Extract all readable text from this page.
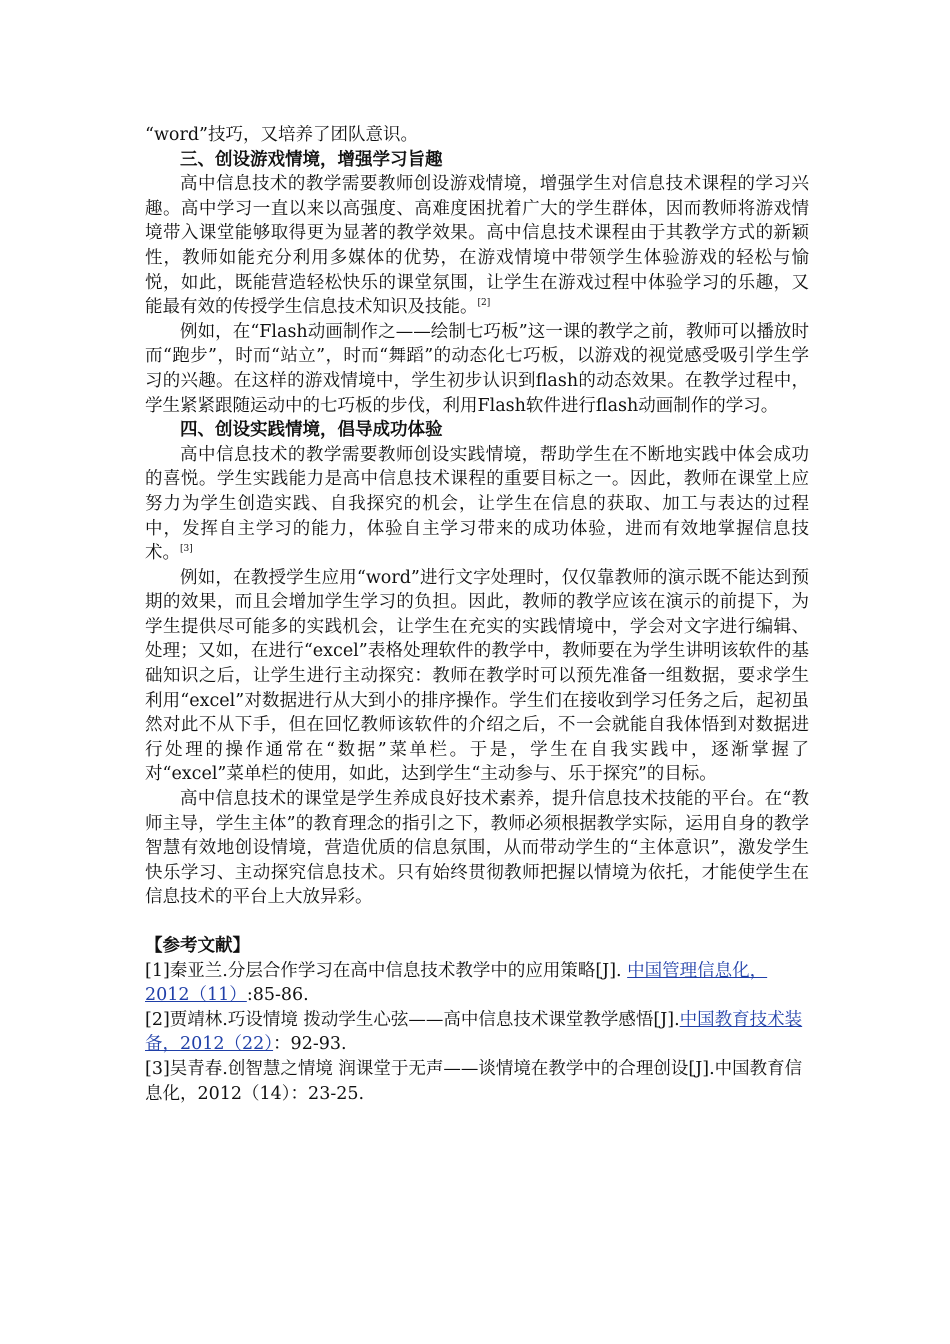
“word”技巧，又培养了团队意识。

三、创设游戏情境，增强学习旨趣

高中信息技术的教学需要教师创设游戏情境，增强学生对信息技术课程的学习兴趣。高中学习一直以来以高强度、高难度困扰着广大的学生群体，因而教师将游戏情境带入课堂能够取得更为显著的教学效果。高中信息技术课程由于其教学方式的新颖性，教师如能充分利用多媒体的优势，在游戏情境中带领学生体验游戏的轻松与愉悦，如此，既能营造轻松快乐的课堂氛围，让学生在游戏过程中体验学习的乐趣，又能最有效的传授学生信息技术知识及技能。[2]

例如，在“Flash动画制作之——绘制七巧板”这一课的教学之前，教师可以播放时而“跑步”，时而“站立”，时而“舞蹈”的动态化七巧板，以游戏的视觉感受吸引学生学习的兴趣。在这样的游戏情境中，学生初步认识到flash的动态效果。在教学过程中，学生紧紧跟随运动中的七巧板的步伐，利用Flash软件进行flash动画制作的学习。

四、创设实践情境，倡导成功体验

高中信息技术的教学需要教师创设实践情境，帮助学生在不断地实践中体会成功的喜悦。学生实践能力是高中信息技术课程的重要目标之一。因此，教师在课堂上应努力为学生创造实践、自我探究的机会，让学生在信息的获取、加工与表达的过程中，发挥自主学习的能力，体验自主学习带来的成功体验，进而有效地掌握信息技术。[3]

例如，在教授学生应用“word”进行文字处理时，仅仅靠教师的演示既不能达到预期的效果，而且会增加学生学习的负担。因此，教师的教学应该在演示的前提下，为学生提供尽可能多的实践机会，让学生在充实的实践情境中，学会对文字进行编辑、处理；又如，在进行“excel”表格处理软件的教学中，教师要在为学生讲明该软件的基础知识之后，让学生进行主动探究：教师在教学时可以预先准备一组数据，要求学生利用“excel”对数据进行从大到小的排序操作。学生们在接收到学习任务之后，起初虽然对此不从下手，但在回忆教师该软件的介绍之后，不一会就能自我体悟到对数据进行处理的操作通常在“数据”菜单栏。于是，学生在自我实践中，逐渐掌握了对“excel”菜单栏的使用，如此，达到学生“主动参与、乐于探究”的目标。

高中信息技术的课堂是学生养成良好技术素养，提升信息技术技能的平台。在“教师主导，学生主体”的教育理念的指引之下，教师必须根据教学实际，运用自身的教学智慧有效地创设情境，营造优质的信息氛围，从而带动学生的“主体意识”，激发学生快乐学习、主动探究信息技术。只有始终贯彻教师把握以情境为依托，才能使学生在信息技术的平台上大放异彩。

【参考文献】

[1]秦亚兰.分层合作学习在高中信息技术教学中的应用策略[J]. 中国管理信息化，2012（11）:85-86.

[2]贾靖林.巧设情境 拨动学生心弦——高中信息技术课堂教学感悟[J].中国教育技术装备，2012（22）：92-93.

[3]吴青春.创智慧之情境 润课堂于无声——谈情境在教学中的合理创设[J].中国教育信息化，2012（14）：23-25.
